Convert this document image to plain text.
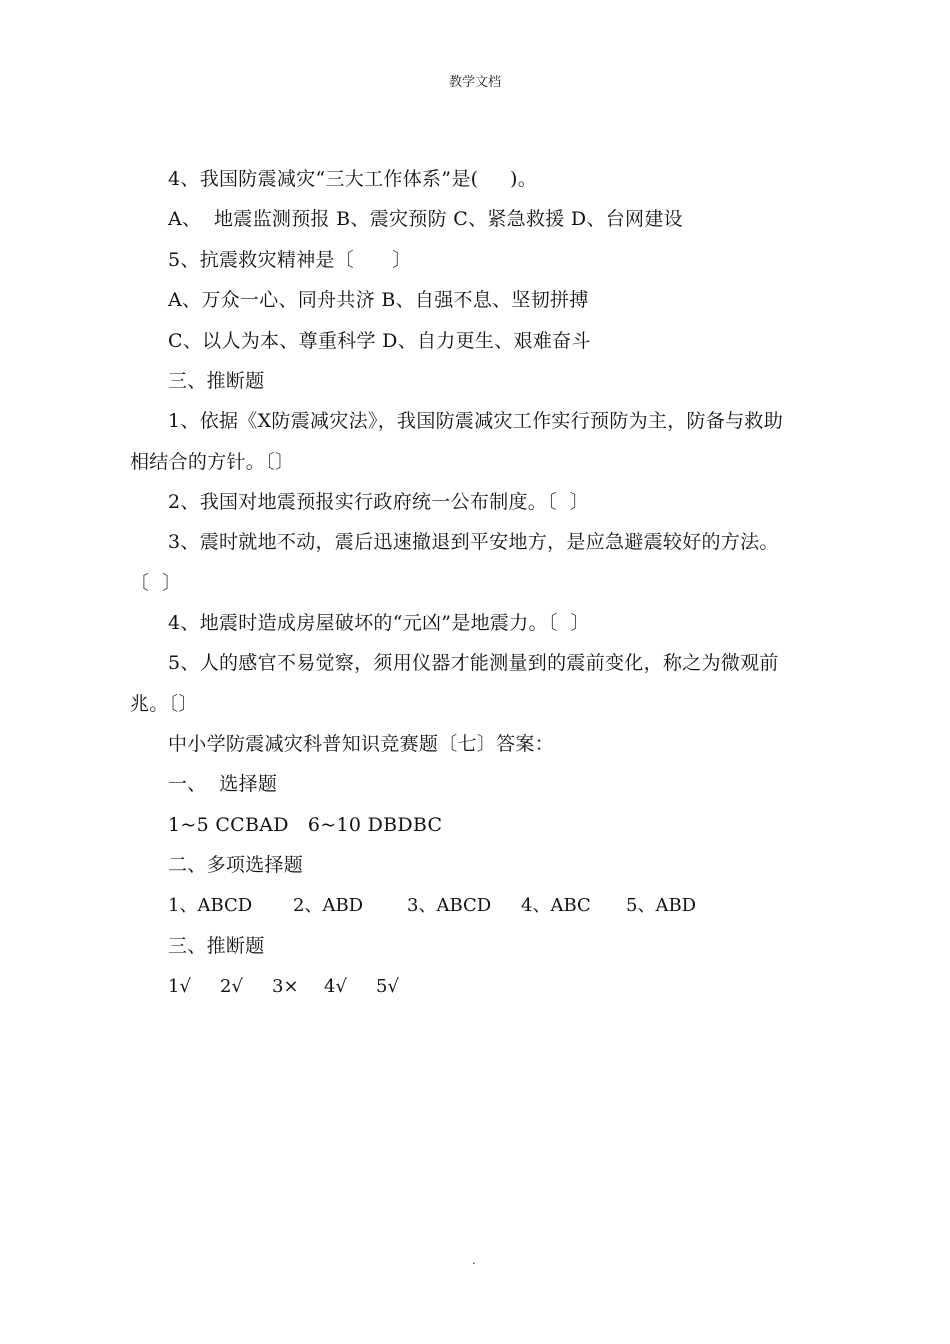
教学文档
4、我国防震减灾“三大工作体系”是(     )。
A、  地震监测预报 B、震灾预防 C、紧急救援 D、台网建设
5、抗震救灾精神是〔      〕
A、万众一心、同舟共济 B、自强不息、坚韧拼搏
C、以人为本、尊重科学 D、自力更生、艰难奋斗
三、推断题
1、依据《X防震减灾法》，我国防震减灾工作实行预防为主，防备与救助
相结合的方针。〔〕
2、我国对地震预报实行政府统一公布制度。〔  〕
3、震时就地不动，震后迅速撤退到平安地方，是应急避震较好的方法。
〔  〕
4、地震时造成房屋破坏的“元凶”是地震力。〔  〕
5、人的感官不易觉察，须用仪器才能测量到的震前变化，称之为微观前
兆。〔〕
中小学防震减灾科普知识竞赛题〔七〕答案：
一、  选择题
1~5 CCBAD   6~10 DBDBC
二、多项选择题
1、ABCD 2、ABD 3、ABCD 4、ABC 5、ABD
三、推断题
1√ 2√ 3× 4√ 5√
.
